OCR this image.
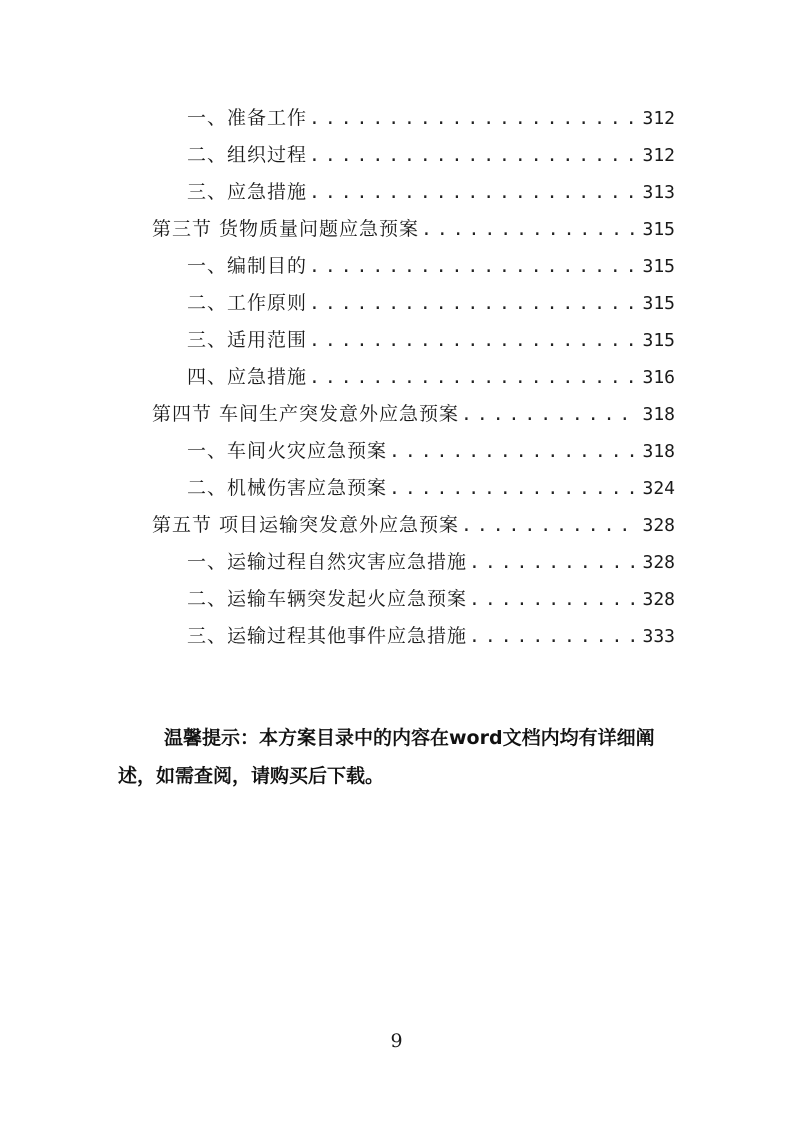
一、准备工作 .....	312
二、组织过程 .....	312
三、应急措施 .....	313
第三节 货物质量问题应急预案 .....	315
一、编制目的 .....	315
二、工作原则 .....	315
三、适用范围 .....	315
四、应急措施 .....	316
第四节 车间生产突发意外应急预案 .....	318
一、车间火灾应急预案 .....	318
二、机械伤害应急预案 .....	324
第五节 项目运输突发意外应急预案 .....	328
一、运输过程自然灾害应急措施 .....	328
二、运输车辆突发起火应急预案 .....	328
三、运输过程其他事件应急措施 .....	333

温馨提示：本方案目录中的内容在word文档内均有详细阐述，如需查阅，请购买后下载。

9
